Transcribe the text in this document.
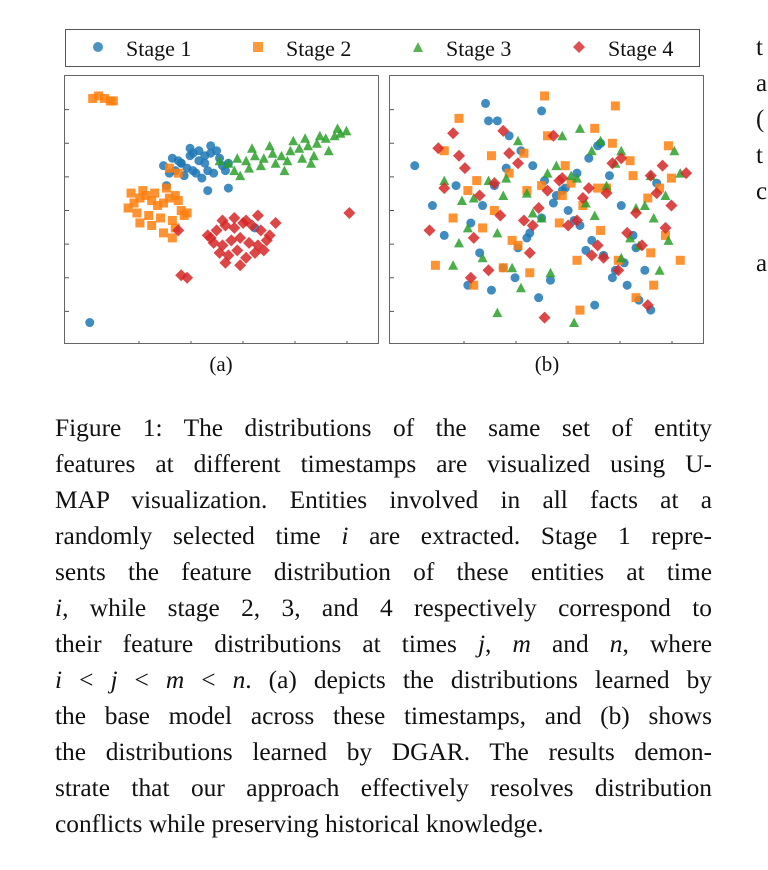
Stage 1	Stage 2	Stage 3	Stage 4
(a)	(b)
Figure 1: The distributions of the same set of entity
features at different timestamps are visualized using U-
MAP visualization. Entities involved in all facts at a
randomly selected time i are extracted. Stage 1 repre-
sents the feature distribution of these entities at time
i, while stage 2, 3, and 4 respectively correspond to
their feature distributions at times j, m and n, where
i < j < m < n. (a) depicts the distributions learned by
the base model across these timestamps, and (b) shows
the distributions learned by DGAR. The results demon-
strate that our approach effectively resolves distribution
conflicts while preserving historical knowledge.
t
a
(
t
c
a
